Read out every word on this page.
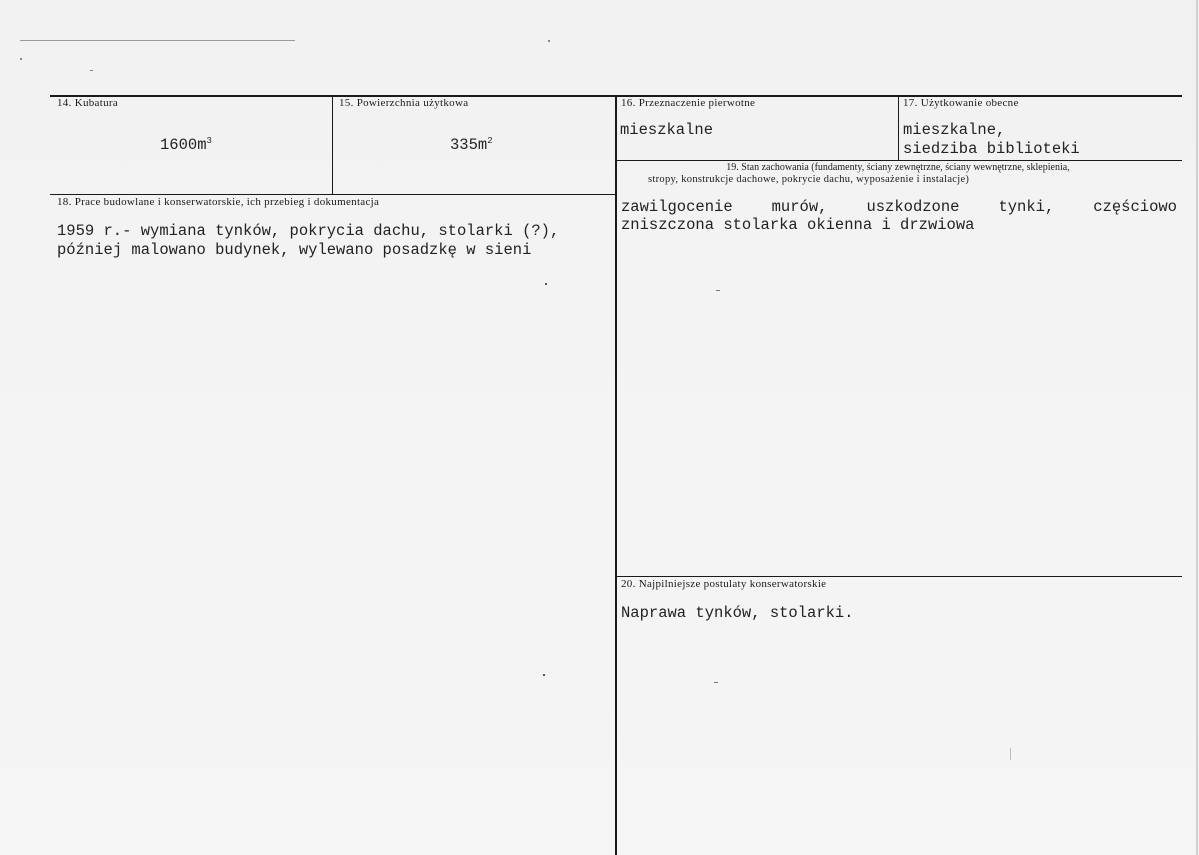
14. Kubatura
$1600m^3$
15. Powierzchnia użytkowa
$335m^2$
16. Przeznaczenie pierwotne
mieszkalne
17. Użytkowanie obecne
mieszkalne,
siedziba biblioteki
19. Stan zachowania (fundamenty, ściany zewnętrzne, ściany wewnętrzne, sklepienia,
stropy, konstrukcje dachowe, pokrycie dachu, wyposażenie i instalacje)
zawilgocenie	murów,	uszkodzone	tynki,	częściowo
zniszczona stolarka okienna i drzwiowa
18. Prace budowlane i konserwatorskie, ich przebieg i dokumentacja
1959 r.- wymiana tynków, pokrycia dachu, stolarki (?),
później malowano budynek, wylewano posadzkę w sieni
20. Najpilniejsze postulaty konserwatorskie
Naprawa tynków, stolarki.
